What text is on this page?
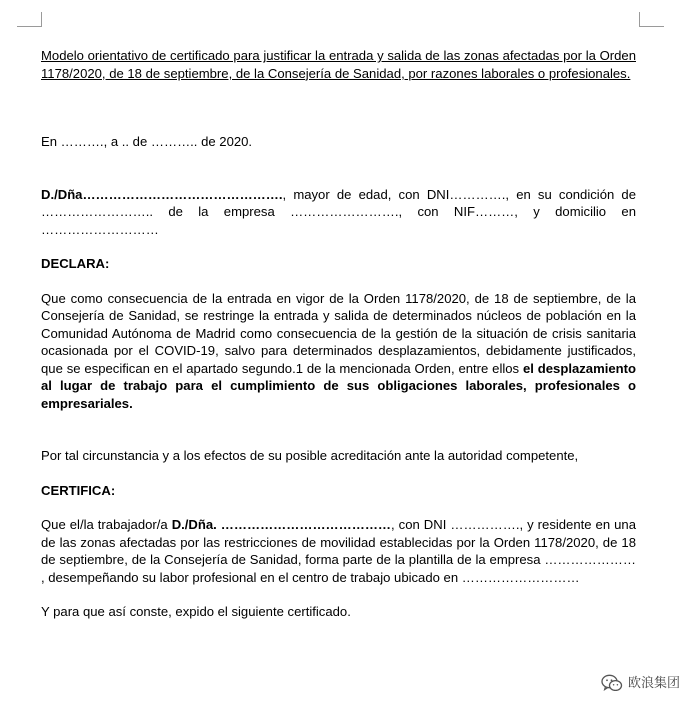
Modelo orientativo de certificado para justificar la entrada y salida de las zonas afectadas por la Orden 1178/2020, de 18 de septiembre, de la Consejería de Sanidad, por razones laborales o profesionales.

En ………., a .. de ……….. de 2020.

D./Dña………………………………………., mayor de edad, con DNI…………., en su condición de …………………….. de la empresa ……………………., con NIF………, y domicilio en ………………………

DECLARA:

Que como consecuencia de la entrada en vigor de la Orden 1178/2020, de 18 de septiembre, de la Consejería de Sanidad, se restringe la entrada y salida de determinados núcleos de población en la Comunidad Autónoma de Madrid como consecuencia de la gestión de la situación de crisis sanitaria ocasionada por el COVID-19, salvo para determinados desplazamientos, debidamente justificados, que se especifican en el apartado segundo.1 de la mencionada Orden, entre ellos el desplazamiento al lugar de trabajo para el cumplimiento de sus obligaciones laborales, profesionales o empresariales.

Por tal circunstancia y a los efectos de su posible acreditación ante la autoridad competente,

CERTIFICA:

Que el/la trabajador/a D./Dña. …………………………………, con DNI ……………., y residente en una de las zonas afectadas por las restricciones de movilidad establecidas por la Orden 1178/2020, de 18 de septiembre, de la Consejería de Sanidad, forma parte de la plantilla de la empresa ………………… , desempeñando su labor profesional en el centro de trabajo ubicado en ………………………

Y para que así conste, expido el siguiente certificado.

欧浪集团
